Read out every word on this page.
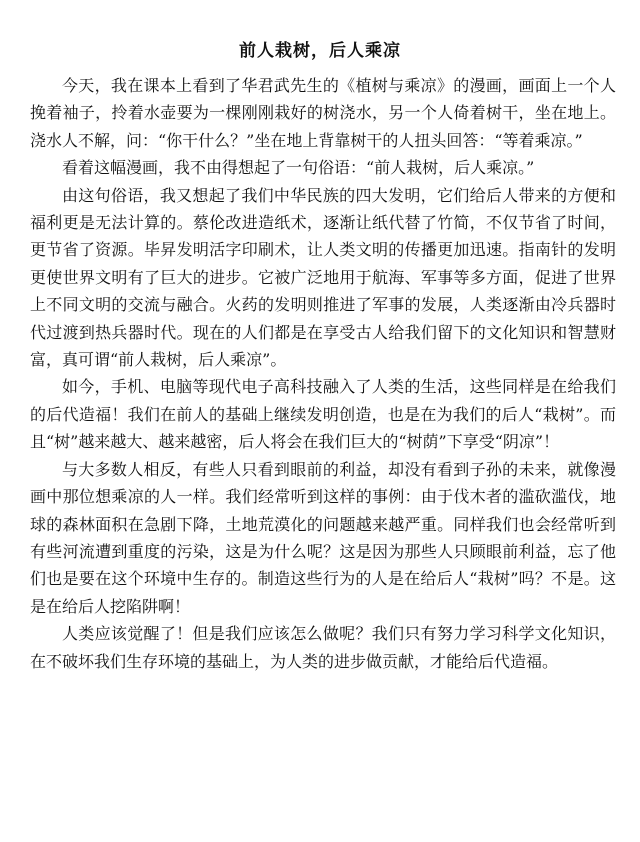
前人栽树，后人乘凉

今天，我在课本上看到了华君武先生的《植树与乘凉》的漫画，画面上一个人挽着袖子，拎着水壶要为一棵刚刚栽好的树浇水，另一个人倚着树干，坐在地上。浇水人不解，问：“你干什么？”坐在地上背靠树干的人扭头回答：“等着乘凉。”

看着这幅漫画，我不由得想起了一句俗语：“前人栽树，后人乘凉。”

由这句俗语，我又想起了我们中华民族的四大发明，它们给后人带来的方便和福利更是无法计算的。蔡伦改进造纸术，逐渐让纸代替了竹简，不仅节省了时间，更节省了资源。毕昇发明活字印刷术，让人类文明的传播更加迅速。指南针的发明更使世界文明有了巨大的进步。它被广泛地用于航海、军事等多方面，促进了世界上不同文明的交流与融合。火药的发明则推进了军事的发展，人类逐渐由冷兵器时代过渡到热兵器时代。现在的人们都是在享受古人给我们留下的文化知识和智慧财富，真可谓“前人栽树，后人乘凉”。

如今，手机、电脑等现代电子高科技融入了人类的生活，这些同样是在给我们的后代造福！我们在前人的基础上继续发明创造，也是在为我们的后人“栽树”。而且“树”越来越大、越来越密，后人将会在我们巨大的“树荫”下享受“阴凉”！

与大多数人相反，有些人只看到眼前的利益，却没有看到子孙的未来，就像漫画中那位想乘凉的人一样。我们经常听到这样的事例：由于伐木者的滥砍滥伐，地球的森林面积在急剧下降，土地荒漠化的问题越来越严重。同样我们也会经常听到有些河流遭到重度的污染，这是为什么呢？这是因为那些人只顾眼前利益，忘了他们也是要在这个环境中生存的。制造这些行为的人是在给后人“栽树”吗？不是。这是在给后人挖陷阱啊！

人类应该觉醒了！但是我们应该怎么做呢？我们只有努力学习科学文化知识，在不破坏我们生存环境的基础上，为人类的进步做贡献，才能给后代造福。
